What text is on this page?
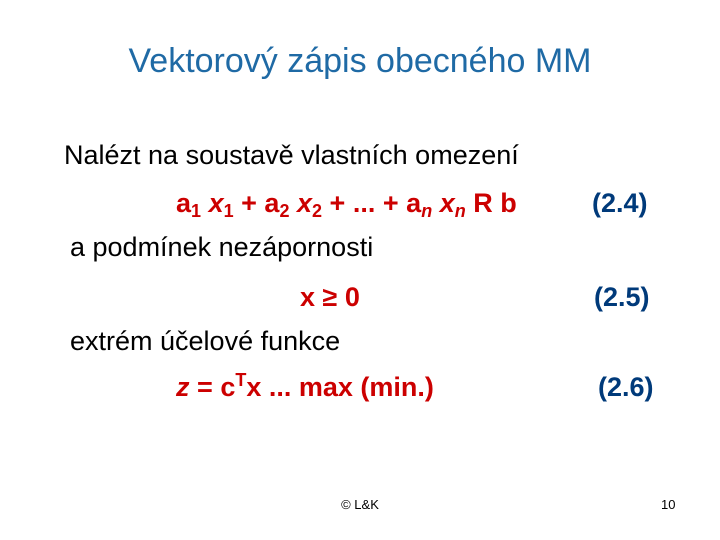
Vektorový zápis obecného MM
Nalézt na soustavě vlastních omezení
$a_1$ $x_1 + a_2$ $x_2$ + ... + $a_n$ $x_n$ R b	(2.4)
a podmínek nezápornosti
x ≥ 0	(2.5)
extrém účelové funkce
$z = c^Tx$ ... max (min.)	(2.6)
© L&K	10
